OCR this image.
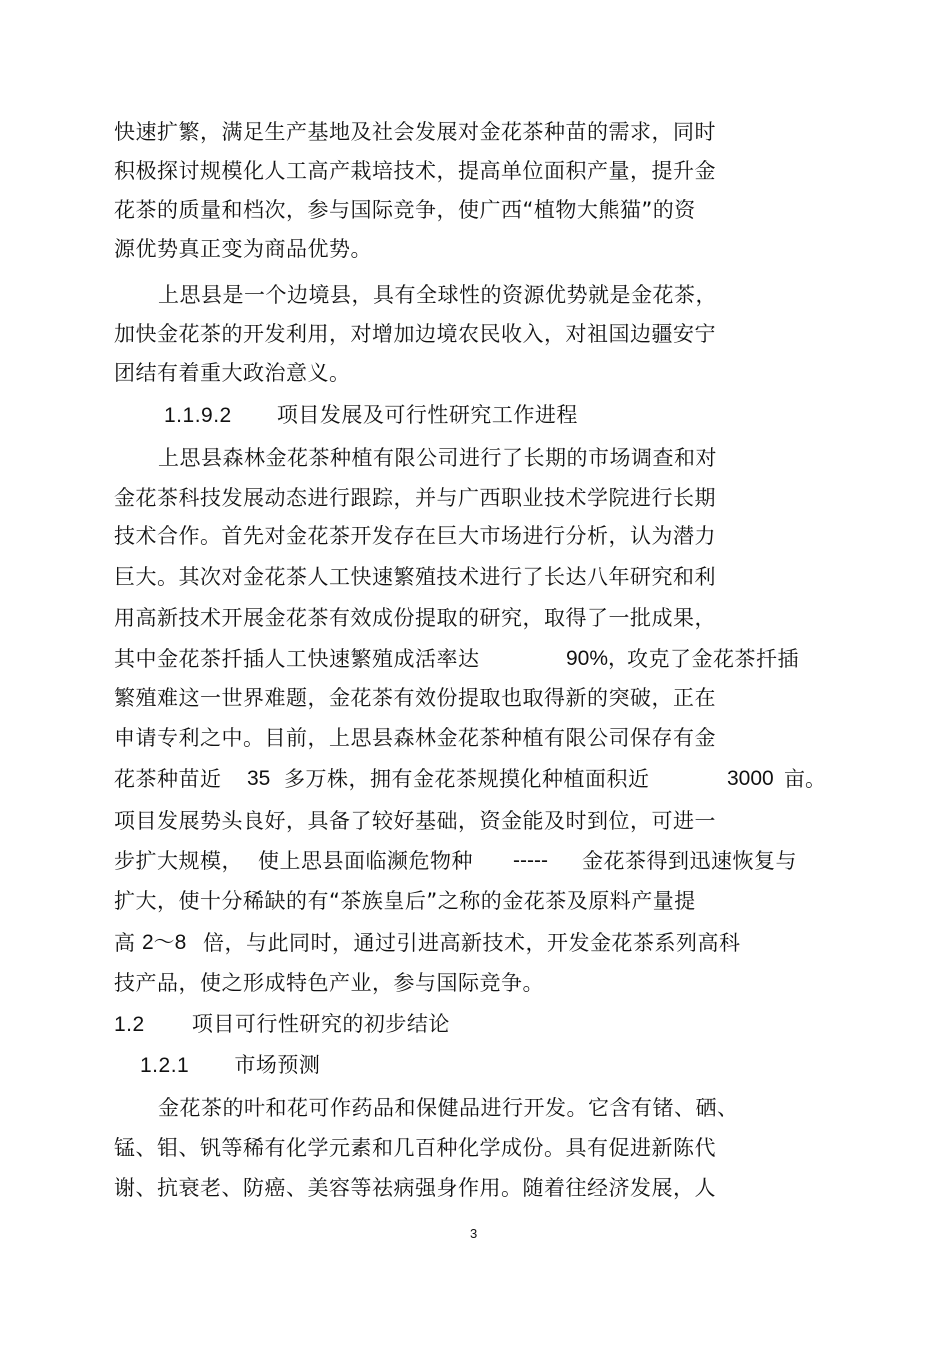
快速扩繁，满足生产基地及社会发展对金花茶种苗的需求，同时
积极探讨规模化人工高产栽培技术，提高单位面积产量，提升金
花茶的质量和档次，参与国际竞争，使广西“植物大熊猫”的资
源优势真正变为商品优势。
上思县是一个边境县，具有全球性的资源优势就是金花茶，
加快金花茶的开发利用，对增加边境农民收入，对祖国边疆安宁
团结有着重大政治意义。
1.1.9.2 项目发展及可行性研究工作进程
上思县森林金花茶种植有限公司进行了长期的市场调查和对
金花茶科技发展动态进行跟踪，并与广西职业技术学院进行长期
技术合作。首先对金花茶开发存在巨大市场进行分析，认为潜力
巨大。其次对金花茶人工快速繁殖技术进行了长达八年研究和利
用高新技术开展金花茶有效成份提取的研究，取得了一批成果，
其中金花茶扦插人工快速繁殖成活率达	90%，
攻克了金花茶扦插
繁殖难这一世界难题，金花茶有效份提取也取得新的突破，正在
申请专利之中。目前，上思县森林金花茶种植有限公司保存有金
花茶种苗近 35 多万株，拥有金花茶规摸化种植面积近	3000 亩。
项目发展势头良好，具备了较好基础，资金能及时到位，可进一
步扩大规模， 使上思县面临濒危物种 ----- 金花茶得到迅速恢复与
扩大，使十分稀缺的有“茶族皇后”之称的金花茶及原料产量提
高 2～8 倍，与此同时，通过引进高新技术，开发金花茶系列高科
技产品，使之形成特色产业，参与国际竞争。
1.2 项目可行性研究的初步结论
1.2.1 市场预测
金花茶的叶和花可作药品和保健品进行开发。它含有锗、硒、
锰、钼、钒等稀有化学元素和几百种化学成份。具有促进新陈代
谢、抗衰老、防癌、美容等祛病强身作用。随着往经济发展，人
3
